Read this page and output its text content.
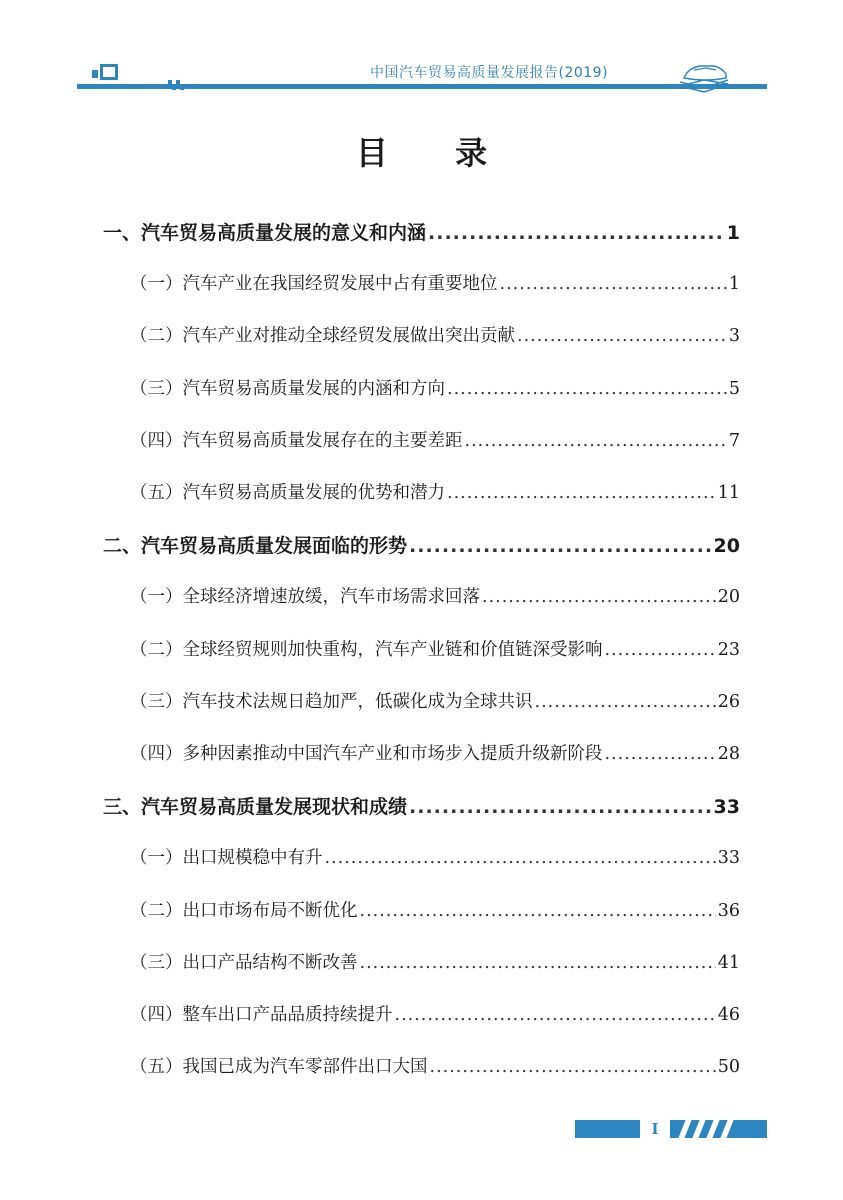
中国汽车贸易高质量发展报告(2019)
目 录
一、汽车贸易高质量发展的意义和内涵 .....	1
（一）汽车产业在我国经贸发展中占有重要地位 .....	1
（二）汽车产业对推动全球经贸发展做出突出贡献 .....	3
（三）汽车贸易高质量发展的内涵和方向 .....	5
（四）汽车贸易高质量发展存在的主要差距 .....	7
（五）汽车贸易高质量发展的优势和潜力 .....	11
二、汽车贸易高质量发展面临的形势 .....	20
（一）全球经济增速放缓，汽车市场需求回落 .....	20
（二）全球经贸规则加快重构，汽车产业链和价值链深受影响 .....	23
（三）汽车技术法规日趋加严，低碳化成为全球共识 .....	26
（四）多种因素推动中国汽车产业和市场步入提质升级新阶段 .....	28
三、汽车贸易高质量发展现状和成绩 .....	33
（一）出口规模稳中有升 .....	33
（二）出口市场布局不断优化 .....	36
（三）出口产品结构不断改善 .....	41
（四）整车出口产品品质持续提升 .....	46
（五）我国已成为汽车零部件出口大国 .....	50
I
